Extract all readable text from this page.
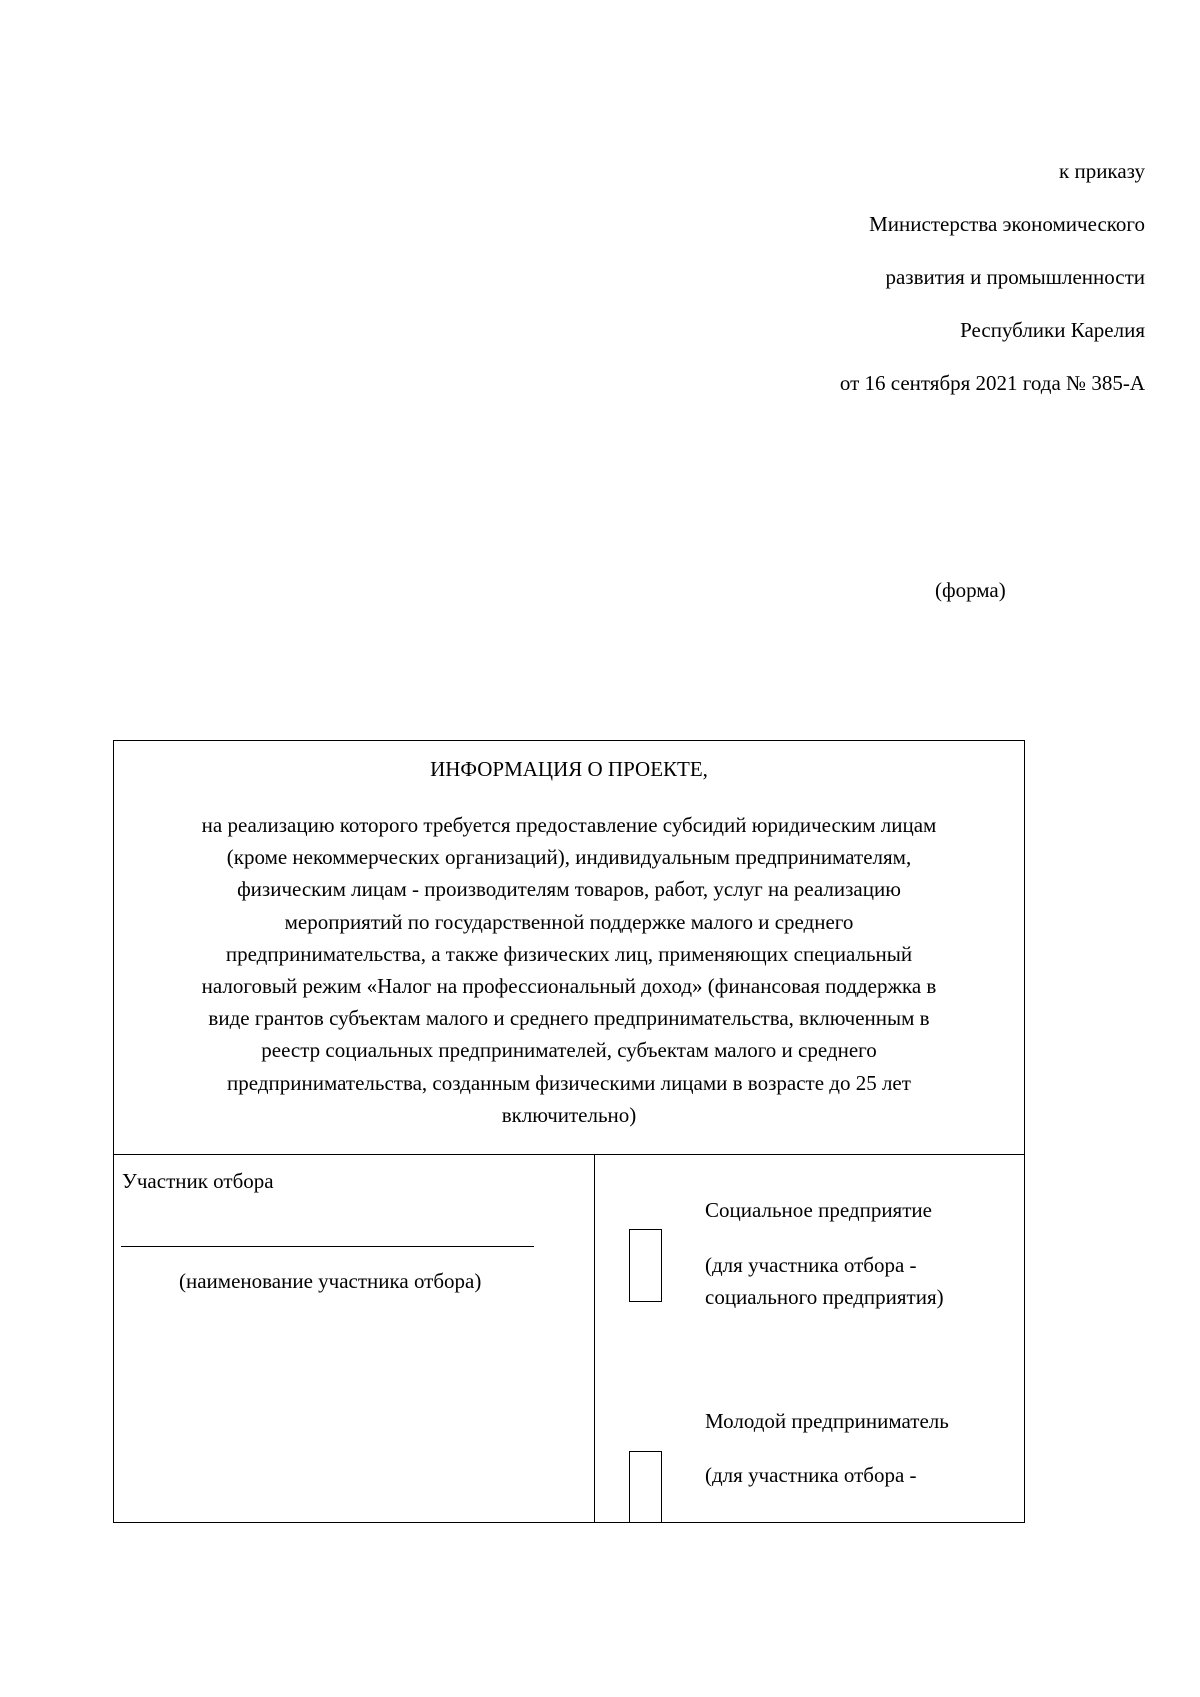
к приказу
Министерства экономического
развития и промышленности
Республики Карелия
от 16 сентября 2021 года № 385-А
(форма)
ИНФОРМАЦИЯ О ПРОЕКТЕ,
на реализацию которого требуется предоставление субсидий юридическим лицам
(кроме некоммерческих организаций), индивидуальным предпринимателям,
физическим лицам - производителям товаров, работ, услуг на реализацию
мероприятий по государственной поддержке малого и среднего
предпринимательства, а также физических лиц, применяющих специальный
налоговый режим «Налог на профессиональный доход» (финансовая поддержка в
виде грантов субъектам малого и среднего предпринимательства, включенным в
реестр социальных предпринимателей, субъектам малого и среднего
предпринимательства, созданным физическими лицами в возрасте до 25 лет
включительно)
Участник отбора
(наименование участника отбора)
Социальное предприятие
(для участника отбора -
социального предприятия)
Молодой предприниматель
(для участника отбора -
